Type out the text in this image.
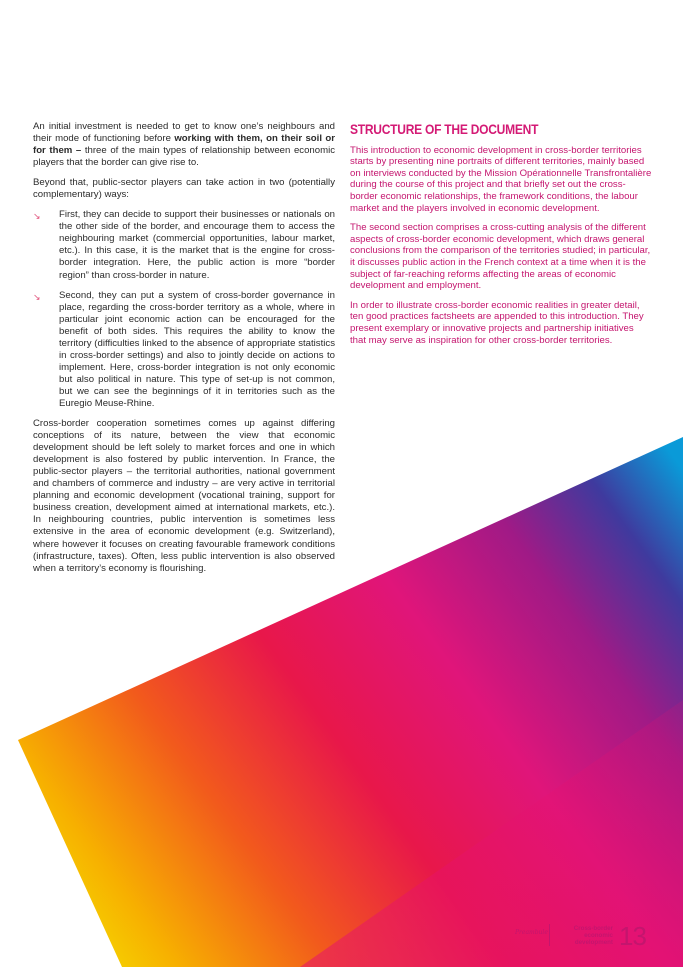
An initial investment is needed to get to know one’s neighbours and their mode of functioning before working with them, on their soil or for them – three of the main types of relationship between economic players that the border can give rise to.

Beyond that, public-sector players can take action in two (potentially complementary) ways:

↘	First, they can decide to support their businesses or nationals on the other side of the border, and encourage them to access the neighbouring market (commercial opportunities, labour market, etc.). In this case, it is the market that is the engine for cross-border integration. Here, the public action is more “border region” than cross-border in nature.
↘	Second, they can put a system of cross-border governance in place, regarding the cross-border territory as a whole, where in particular joint economic action can be encouraged for the benefit of both sides. This requires the ability to know the territory (difficulties linked to the absence of appropriate statistics in cross-border settings) and also to jointly decide on actions to implement. Here, cross-border integration is not only economic but also political in nature. This type of set-up is not common, but we can see the beginnings of it in territories such as the Euregio Meuse-Rhine.

Cross-border cooperation sometimes comes up against differing conceptions of its nature, between the view that economic development should be left solely to market forces and one in which development is also fostered by public intervention. In France, the public-sector players – the territorial authorities, national government and chambers of commerce and industry – are very active in territorial planning and economic development (vocational training, support for business creation, development aimed at international markets, etc.). In neighbouring countries, public intervention is sometimes less extensive in the area of economic development (e.g. Switzerland), where however it focuses on creating favourable framework conditions (infrastructure, taxes). Often, less public intervention is also observed when a territory’s economy is flourishing.

STRUCTURE OF THE DOCUMENT

This introduction to economic development in cross-border territories starts by presenting nine portraits of different territories, mainly based on interviews conducted by the Mission Opérationnelle Transfrontalière during the course of this project and that briefly set out the cross-border economic relationships, the framework conditions, the labour market and the players involved in economic development.

The second section comprises a cross-cutting analysis of the different aspects of cross-border economic development, which draws general conclusions from the comparison of the territories studied; in particular, it discusses public action in the French context at a time when it is the subject of far-reaching reforms affecting the areas of economic development and employment.

In order to illustrate cross-border economic realities in greater detail, ten good practices factsheets are appended to this introduction. They present exemplary or innovative projects and partnership initiatives that may serve as inspiration for other cross-border territories.

Preambule
Cross-border
economic
development 13
